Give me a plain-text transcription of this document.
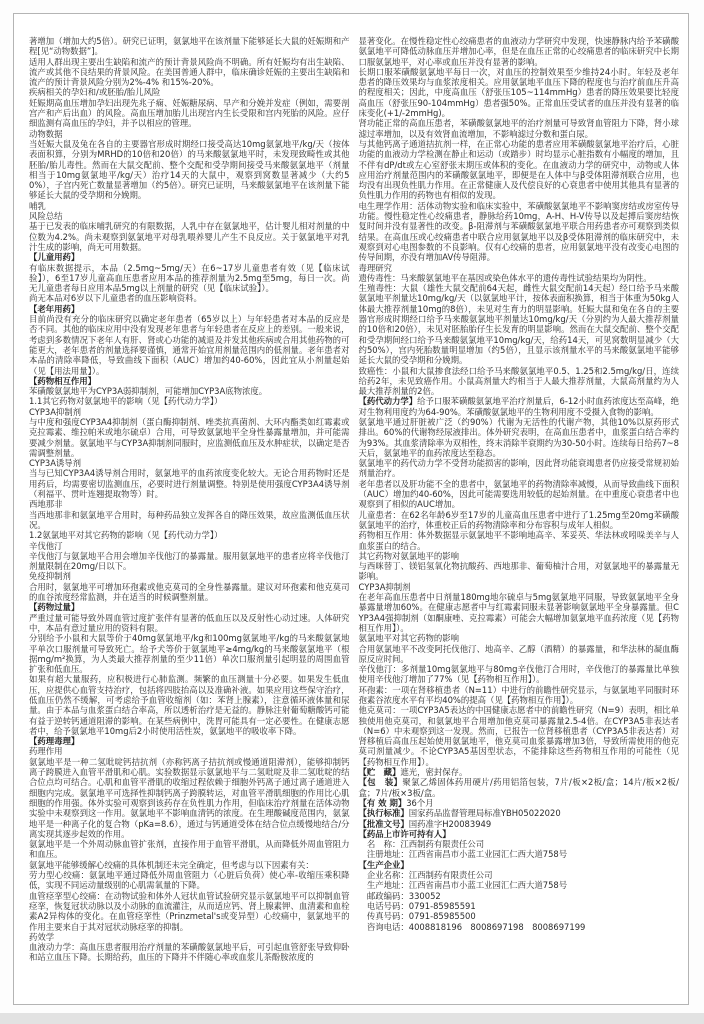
著增加（增加大约5倍）。研究已证明，氨氯地平在该剂量下能够延长大鼠的妊娠期和产程[见“动物数据”]。

适用人群出现主要出生缺陷和流产的预计背景风险尚不明确。所有妊娠均有出生缺陷、流产或其他不良结果的背景风险。在美国普通人群中，临床确诊妊娠的主要出生缺陷和流产的预计背景风险分别为2%-4% 和15%-20%。

疾病相关的孕妇和/或胚胎/胎儿风险

妊娠期高血压增加孕妇出现先兆子痫、妊娠糖尿病、早产和分娩并发症（例如，需要剖宫产和产后出血）的风险。高血压增加胎儿出现宫内生长受限和宫内死胎的风险。应仔细监测有高血压的孕妇，并予以相应的管理。

动物数据

当妊娠大鼠及兔在各自的主要器官形成时期经口接受高达10mg氨氯地平/kg/天（按体表面积算，分别为MRHD的10倍和20倍）的马来酸氨氯地平时，未发现致畸性或其他胚胎/胎儿毒性。然而在大鼠交配前、整个交配和受孕期间接受马来酸氨氯地平（剂量相当于10mg氨氯地平/kg/天）治疗14天的大鼠中，观察到窝数显著减少（大约50%），子宫内死亡数量显著增加（约5倍）。研究已证明，马来酸氨氯地平在该剂量下能够延长大鼠的受孕期和分娩期。

哺乳

风险总结

基于已发表的临床哺乳研究的有限数据，人乳中存在氨氯地平，估计婴儿相对剂量的中位数为4.2%。尚未观察到氨氯地平对母乳喂养婴儿产生不良反应。关于氨氯地平对乳汁生成的影响，尚无可用数据。

【儿童用药】

有临床数据提示，本品（2.5mg~5mg/天）在6~17岁儿童患者有效（见【临床试验】），6至17岁儿童高血压患者应用本品的推荐剂量为2.5mg至5mg，每日一次。尚无儿童患者每日应用本品5mg以上剂量的研究（见【临床试验】）。

尚无本品对6岁以下儿童患者的血压影响资料。

【老年用药】

目前尚没有充分的临床研究以确定老年患者（65岁以上）与年轻患者对本品的反应是否不同。其他的临床应用中没有发现老年患者与年轻患者在反应上的差别。一般来说，考虑到多数情况下老年人有肝、肾或心功能的减退及并发其他疾病或合用其他药物的可能更大，老年患者的剂量选择要谨慎，通常开始宜用剂量范围内的低剂量。老年患者对本品的清除率降低，导致曲线下面积（AUC）增加约40-60%，因此宜从小剂量起始（见【用法用量】）。

【药物相互作用】

苯磺酸氨氯地平为CYP3A弱抑制剂，可能增加CYP3A底物浓度。

1.1其它药物对氨氯地平的影响（见【药代动力学】）

CYP3A抑制剂

与中度和强度CYP3A4抑制剂（蛋白酶抑制剂、唑类抗真菌剂、大环内酯类如红霉素或克拉霉素、维拉帕米或地尔硫卓）合用，可导致氨氯地平全身性暴露量增加，并可能需要减少剂量。氨氯地平与CYP3A抑制剂同服时，应监测低血压及水肿症状，以确定是否需调整剂量。

CYP3A诱导剂

当与已知CYP3A4诱导剂合用时，氨氯地平的血药浓度变化较大。无论合用药物时还是用药后，均需要密切监测血压，必要时进行剂量调整。特别是使用强度CYP3A4诱导剂（利福平、贯叶连翘提取物等）时。

西地那非

当西地那非和氨氯地平合用时，每种药品独立发挥各自的降压效果，故应监测低血压状况。

1.2氨氯地平对其它药物的影响（见【药代动力学】）

辛伐他汀

辛伐他汀与氨氯地平合用会增加辛伐他汀的暴露量。服用氨氯地平的患者应将辛伐他汀剂量限制在20mg/日以下。

免疫抑制剂

合用时，氨氯地平可增加环孢素或他克莫司的全身性暴露量。建议对环孢素和他克莫司的血谷浓度经常监测，并在适当的时候调整剂量。

【药物过量】

严重过量可能导致外周血管过度扩张伴有显著的低血压以及反射性心动过速。人体研究中，本品有意过量应用的资料有限。

分别给予小鼠和大鼠等价于40mg氨氯地平/kg和100mg氨氯地平/kg的马来酸氨氯地平单次口服剂量可导致死亡。给予犬等价于氨氯地平≥4mg/kg的马来酸氨氯地平（根据mg/m²换算，为人类最大推荐剂量的至少11倍）单次口服剂量引起明显的周围血管扩张和低血压。

如果有超大量服药，应积极进行心肺监测。频繁的血压测量十分必要。如果发生低血压，应提供心血管支持治疗，包括将四肢抬高以及准确补液。如果应用这些保守治疗，低血压仍然不缓解，可考虑给予血管收缩剂（如：苯肾上腺素），注意循环液体量和尿量。由于本品与血浆蛋白结合率高，所以透析治疗是无益的。静脉注射葡萄糖酸钙可能有益于逆转钙通道阻滞的影响。在某些病例中，洗胃可能具有一定必要性。在健康志愿者中，给予氨氯地平10mg后2小时使用活性炭，氨氯地平的吸收率下降。

【药理毒理】

药理作用

氨氯地平是一种二氢吡啶钙拮抗剂（亦称钙离子拮抗剂或慢通道阻滞剂），能够抑制钙离子跨膜进入血管平滑肌和心肌。实验数据显示氨氯地平与二氢吡啶及非二氢吡啶的结合位点均可结合。心肌和血管平滑肌的收缩过程依赖于细胞外钙离子通过离子通道进入细胞内完成。氨氯地平可选择性抑制钙离子跨膜转运，对血管平滑肌细胞的作用比心肌细胞的作用强。体外实验可观察到该药存在负性肌力作用，但临床治疗剂量在活体动物实验中未观察到这一作用。氨氯地平不影响血清钙的浓度。在生理酸碱度范围内，氨氯地平是一种离子化的复合物（pKa=8.6），通过与钙通道受体在结合位点缓慢地结合/分离实现其逐步起效的作用。

氨氯地平是一个外周动脉血管扩张剂，直接作用于血管平滑肌，从而降低外周血管阻力和血压。

氨氯地平能够缓解心绞痛的具体机制还未完全确定，但考虑与以下因素有关：

劳力型心绞痛：氨氯地平通过降低外周血管阻力（心脏后负荷）使心率-收缩压乘积降低，实现不同运动量级别的心肌需氧量的下降。

血管痉挛型心绞痛：在动物试验和体外人冠状血管试验研究显示氨氯地平可以抑制血管痉挛，恢复冠状动脉以及小动脉的血流灌注，从而适应钙、肾上腺素钾、血清素和血栓素A2异构体的变化。在血管痉挛性（Prinzmetal's或变异型）心绞痛中，氨氯地平的作用主要来自于其对冠状动脉痉挛的抑制。

药效学

血液动力学：高血压患者服用治疗剂量的苯磺酸氨氯地平后，可引起血管舒张导致仰卧和站立血压下降。长期给药，血压的下降并不伴随心率或血浆儿茶酚胺浓度的

显著变化。在慢性稳定性心绞痛患者的血液动力学研究中发现，快速静脉内给予苯磺酸氨氯地平可降低动脉血压并增加心率，但是在血压正常的心绞痛患者的临床研究中长期口服氨氯地平，对心率或血压并没有显著的影响。

长期口服苯磺酸氨氯地平每日一次，对血压的控制效果至少维持24小时。年轻及老年患者的降压效果均与血浆浓度相关。应用氨氯地平血压下降的程度也与治疗前血压升高的程度相关；因此，中度高血压（舒张压105~114mmHg）患者的降压效果要比轻度高血压（舒张压90-104mmHg）患者强50%。正常血压受试者的血压并没有显著的临床变化(+1/-2mmHg)。

肾功能正常的高血压患者，苯磺酸氨氯地平的治疗剂量可导致肾血管阻力下降，肾小球滤过率增加，以及有效肾血流增加，不影响滤过分数和蛋白尿。

与其他钙离子通道拮抗剂一样，在正常心功能的患者应用苯磺酸氨氯地平治疗后，心脏功能的血液动力学检测在静止和运动（或踏步）时均显示心脏指数有小幅度的增加，且不伴有dP/dt或左心室舒张末期压或体积的变化。在血液动力学的研究中，动物或人体应用治疗剂量范围内的苯磺酸氨氯地平，即便是在人体中与β受体阻滞剂联合应用，也均没有出现负性肌力作用。在正常健康人及代偿良好的心衰患者中使用其他具有显著的负性肌力作用的药物也有相似的发现。

电生理学作用：活体动物实验和临床实验中，苯磺酸氨氯地平不影响窦房结或房室传导功能。慢性稳定性心绞痛患者，静脉给药10mg，A-H、H-V传导以及起搏后窦房结恢复时间并没有显著性的改变。β-阻滞剂与苯磺酸氨氯地平联合用药患者亦可观察到类似结果。在高血压或心绞痛患者中联合应用氨氯地平以及β受体阻滞剂的临床研究中，未观察到对心电图参数的不良影响。仅有心绞痛的患者，应用氨氯地平没有改变心电图的传导间期，亦没有增加AV传导阻滞。

毒理研究

遗传毒性：马来酸氨氯地平在基因或染色体水平的遗传毒性试验结果均为阴性。

生殖毒性：大鼠（雄性大鼠交配前64天起，雌性大鼠交配前14天起）经口给予马来酸氨氯地平剂量达10mg/kg/天（以氨氯地平计，按体表面积换算，相当于体重为50kg人体最大推荐剂量10mg的8倍），未见对生育力的明显影响。妊娠大鼠和兔在各自的主要器官形成时期经口给予马来酸氨氯地平剂量达10mg/kg/天（分别约为人最大推荐剂量的10倍和20倍），未见对胚胎胎仔生长发育的明显影响。然而在大鼠交配前、整个交配和受孕期间经口给予马来酸氨氯地平10mg/kg/天，给药14天，可见窝数明显减少（大约50%），宫内死胎数量明显增加（约5倍），且显示该剂量水平的马来酸氨氯地平能够延长大鼠的受孕期和分娩期。

致癌性：小鼠和大鼠掺食法经口给予马来酸氨氯地平0.5、1.25和2.5mg/kg/日，连续给药2年，未见致癌作用。小鼠高剂量大约相当于人最大推荐剂量，大鼠高剂量约为人最大推荐剂量的2倍。

【药代动力学】给予口服苯磺酸氨氯地平治疗剂量后，6-12小时血药浓度达至高峰，绝对生物利用度约为64-90%。苯磺酸氨氯地平的生物利用度不受摄入食物的影响。

氨氯地平通过肝脏被广泛（约90%）代谢为无活性的代谢产物，其他10%以原药形式排出。60%的代谢物经尿液排出。体外研究表明，在高血压患者中，血浆蛋白结合率约为93%。其血浆清除率为双相性，终末消除半衰期约为30-50小时。连续每日给药7~8天后，氨氯地平的血药浓度达至稳态。

氨氯地平的药代动力学不受肾功能损害的影响，因此肾功能衰竭患者仍应接受常规初始剂量治疗。

老年患者以及肝功能不全的患者中，氨氯地平的药物清除率减慢，从而导致曲线下面积（AUC）增加约40-60%，因此可能需要选用较低的起始剂量。在中重度心衰患者中也观察到了相似的AUC增加。

儿童患者：在62名年龄6岁至17岁的儿童高血压患者中进行了1.25mg至20mg苯磺酸氨氯地平的治疗，体重校正后的药物清除率和分布容积与成年人相似。

药物相互作用：体外数据显示氨氯地平不影响地高辛、苯妥英、华法林或吲哚美辛与人血浆蛋白的结合。

其它药物对氨氯地平的影响

与西咪替丁、镁铝氢氧化物抗酸药、西地那非、葡萄柚汁合用，对氨氯地平的暴露量无影响。

CYP3A抑制剂

在老年高血压患者中日剂量180mg地尔硫卓与5mg氨氯地平同服，导致氨氯地平全身暴露量增加60%。在健康志愿者中与红霉素同服未显著影响氨氯地平全身暴露量。但CYP3A4强抑制剂（如酮康唑、克拉霉素）可能会大幅增加氨氯地平血药浓度（见【药物相互作用】）。

氨氯地平对其它药物的影响

合用氨氯地平不改变阿托伐他汀、地高辛、乙醇（酒精）的暴露量，和华法林的凝血酶原反应时间。

辛伐他汀：多剂量10mg氨氯地平与80mg辛伐他汀合用时，辛伐他汀的暴露量比单独使用辛伐他汀增加了77%（见【药物相互作用】）。

环孢素：一项在肾移植患者（N=11）中进行的前瞻性研究显示，与氨氯地平同服时环孢素谷浓度水平有平均40%的提高（见【药物相互作用】）。

他克莫司：一项CYP3A5表达的中国健康志愿者中的前瞻性研究（N=9）表明，相比单独使用他克莫司，和氨氯地平合用增加他克莫司暴露量2.5-4倍。在CYP3A5非表达者（N=6）中未观察到这一发现。然而，已报告一位肾移植患者（CYP3A5非表达者）对肾移植后高血压起始使用氨氯地平，他克莫司血浆暴露增加3倍，导致所需使用的他克莫司剂量减少。不论CYP3A5基因型状态，不能排除这些药物相互作用的可能性（见【药物相互作用】）。

【贮　藏】遮光，密封保存。

【包　装】聚氯乙烯固体药用硬片/药用铝箔包装，7片/板×2板/盒；14片/板×2板/盒；7片/板×3板/盒。

【有 效 期】36个月

【执行标准】国家药品监督管理局标准YBH05022020

【批准文号】国药准字H20083949

【药品上市许可持有人】

　名　称：江西制药有限责任公司

　注册地址：江西省南昌市小蓝工业园汇仁西大道758号

【生产企业】

　企业名称：江西制药有限责任公司

　生产地址：江西省南昌市小蓝工业园汇仁西大道758号

　邮政编码：330052

　电话号码：0791-85985591

　传真号码：0791-85985500

　咨询电话：4008818196　8008697198　8008697199
